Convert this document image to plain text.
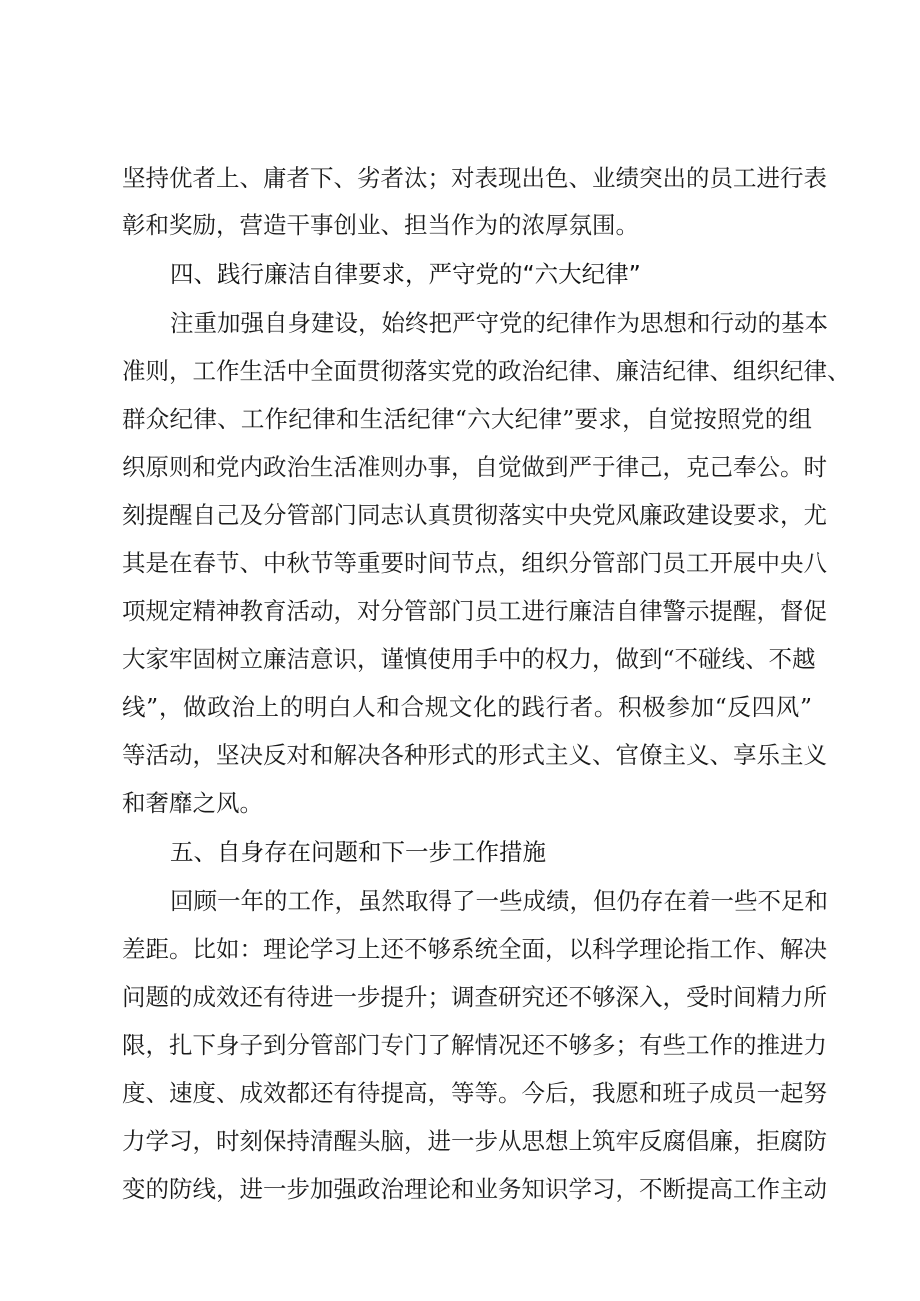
坚持优者上、庸者下、劣者汰；对表现出色、业绩突出的员工进行表
彰和奖励，营造干事创业、担当作为的浓厚氛围。
四、践行廉洁自律要求，严守党的“六大纪律”
注重加强自身建设，始终把严守党的纪律作为思想和行动的基本
准则，工作生活中全面贯彻落实党的政治纪律、廉洁纪律、组织纪律、
群众纪律、工作纪律和生活纪律“六大纪律”要求，自觉按照党的组
织原则和党内政治生活准则办事，自觉做到严于律己，克己奉公。时
刻提醒自己及分管部门同志认真贯彻落实中央党风廉政建设要求，尤
其是在春节、中秋节等重要时间节点，组织分管部门员工开展中央八
项规定精神教育活动，对分管部门员工进行廉洁自律警示提醒，督促
大家牢固树立廉洁意识，谨慎使用手中的权力，做到“不碰线、不越
线”，做政治上的明白人和合规文化的践行者。积极参加“反四风”
等活动，坚决反对和解决各种形式的形式主义、官僚主义、享乐主义
和奢靡之风。
五、自身存在问题和下一步工作措施
回顾一年的工作，虽然取得了一些成绩，但仍存在着一些不足和
差距。比如：理论学习上还不够系统全面，以科学理论指工作、解决
问题的成效还有待进一步提升；调查研究还不够深入，受时间精力所
限，扎下身子到分管部门专门了解情况还不够多；有些工作的推进力
度、速度、成效都还有待提高，等等。今后，我愿和班子成员一起努
力学习，时刻保持清醒头脑，进一步从思想上筑牢反腐倡廉，拒腐防
变的防线，进一步加强政治理论和业务知识学习，不断提高工作主动
